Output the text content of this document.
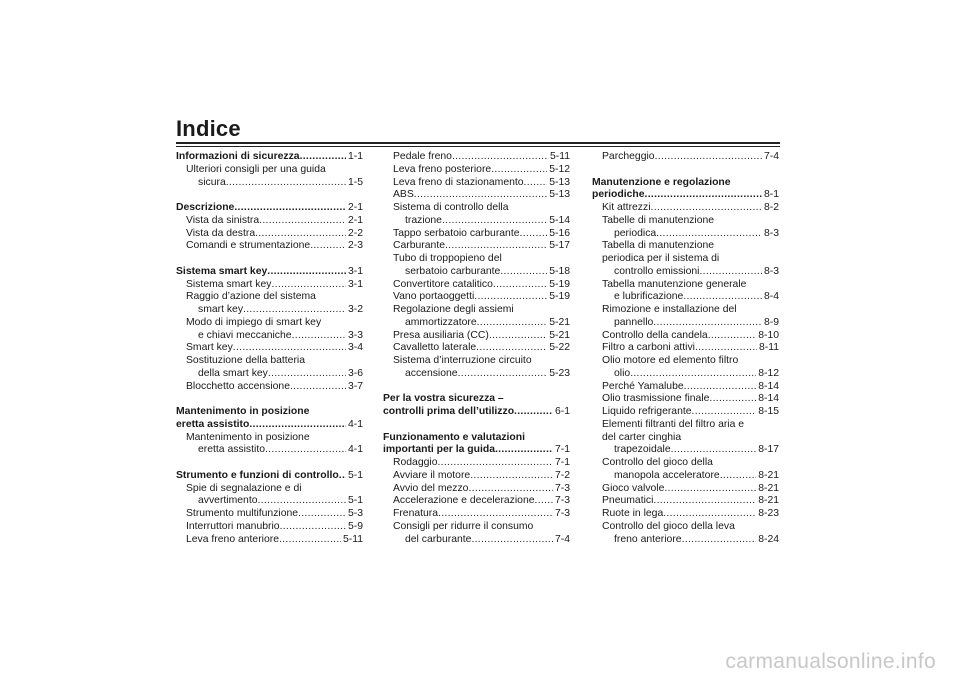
Indice
Informazioni di sicurezza .....	1-1
Ulteriori consigli per una guida
sicura .....	1-5
Descrizione .....	2-1
Vista da sinistra .....	2-1
Vista da destra .....	2-2
Comandi e strumentazione .....	2-3
Sistema smart key .....	3-1
Sistema smart key .....	3-1
Raggio d’azione del sistema
smart key .....	3-2
Modo di impiego di smart key
e chiavi meccaniche .....	3-3
Smart key .....	3-4
Sostituzione della batteria
della smart key .....	3-6
Blocchetto accensione .....	3-7
Mantenimento in posizione
eretta assistito .....	4-1
Mantenimento in posizione
eretta assistito .....	4-1
Strumento e funzioni di controllo ..... 5-1
Spie di segnalazione e di
avvertimento .....	5-1
Strumento multifunzione .....	5-3
Interruttori manubrio .....	5-9
Leva freno anteriore .....	5-11
Pedale freno .....	5-11
Leva freno posteriore .....	5-12
Leva freno di stazionamento ..... 5-13
ABS .....	5-13
Sistema di controllo della
trazione .....	5-14
Tappo serbatoio carburante .....	5-16
Carburante .....	5-17
Tubo di troppopieno del
serbatoio carburante .....	5-18
Convertitore catalitico .....	5-19
Vano portaoggetti .....	5-19
Regolazione degli assiemi
ammortizzatore .....	5-21
Presa ausiliaria (CC) .....	5-21
Cavalletto laterale .....	5-22
Sistema d’interruzione circuito
accensione .....	5-23
Per la vostra sicurezza –
controlli prima dell’utilizzo .....	6-1
Funzionamento e valutazioni
importanti per la guida .....	7-1
Rodaggio .....	7-1
Avviare il motore .....	7-2
Avvio del mezzo .....	7-3
Accelerazione e decelerazione ..... 7-3
Frenatura .....	7-3
Consigli per ridurre il consumo
del carburante .....	7-4
Parcheggio .....	7-4
Manutenzione e regolazione
periodiche .....	8-1
Kit attrezzi .....	8-2
Tabelle di manutenzione
periodica .....	8-3
Tabella di manutenzione
periodica per il sistema di
controllo emissioni .....	8-3
Tabella manutenzione generale
e lubrificazione .....	8-4
Rimozione e installazione del
pannello .....	8-9
Controllo della candela .....	8-10
Filtro a carboni attivi .....	8-11
Olio motore ed elemento filtro
olio .....	8-12
Perché Yamalube .....	8-14
Olio trasmissione finale .....	8-14
Liquido refrigerante .....	8-15
Elementi filtranti del filtro aria e
del carter cinghia
trapezoidale .....	8-17
Controllo del gioco della
manopola acceleratore .....	8-21
Gioco valvole .....	8-21
Pneumatici .....	8-21
Ruote in lega .....	8-23
Controllo del gioco della leva
freno anteriore .....	8-24
carmanualsonline.info
